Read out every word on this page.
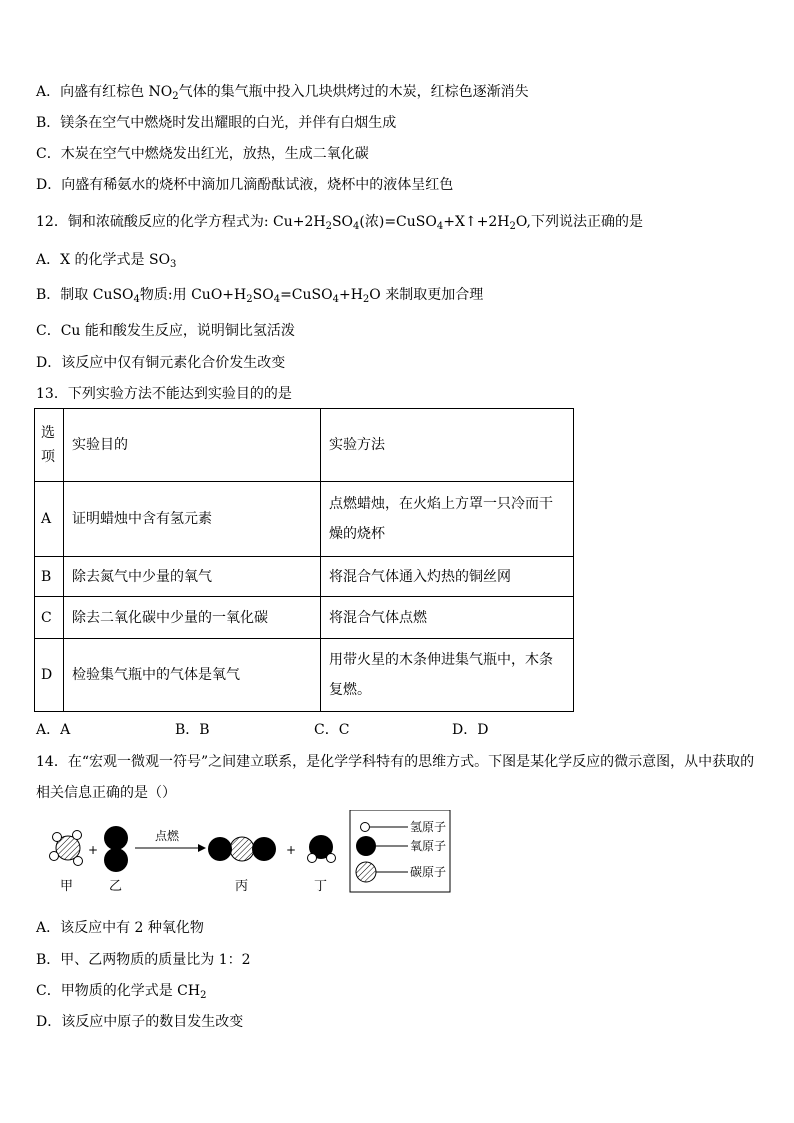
A．向盛有红棕色 $NO_2$气体的集气瓶中投入几块烘烤过的木炭，红棕色逐渐消失
B．镁条在空气中燃烧时发出耀眼的白光，并伴有白烟生成
C．木炭在空气中燃烧发出红光，放热，生成二氧化碳
D．向盛有稀氨水的烧杯中滴加几滴酚酞试液，烧杯中的液体呈红色
12．铜和浓硫酸反应的化学方程式为: $Cu+2H_2SO_4$(浓)$=CuSO_4+X↑+2H_2O$,下列说法正确的是
A．X 的化学式是 $SO_3$
B．制取 CuSO$_4$物质:用 $CuO+H_2SO_4=CuSO_4+H_2O$ 来制取更加合理
C．Cu 能和酸发生反应，说明铜比氢活泼
D．该反应中仅有铜元素化合价发生改变
13．下列实验方法不能达到实验目的的是
选项	实验目的	实验方法
A	证明蜡烛中含有氢元素	点燃蜡烛，在火焰上方罩一只冷而干燥的烧杯

B	除去氮气中少量的氧气	将混合气体通入灼热的铜丝网
C	除去二氧化碳中少量的一氧化碳	将混合气体点燃
D	检验集气瓶中的气体是氧气	用带火星的木条伸进集气瓶中，木条复燃。
A．A	B．B	C．C	D．D
14．在“宏观一微观一符号”之间建立联系，是化学学科特有的思维方式。下图是某化学反应的微示意图，从中获取的
相关信息正确的是（）
+
点燃
+
氢原子
氧原子
碳原子
甲	乙	丙	丁
A．该反应中有 2 种氧化物
B．甲、乙两物质的质量比为 1：2
C．甲物质的化学式是 $CH_2$
D．该反应中原子的数目发生改变
